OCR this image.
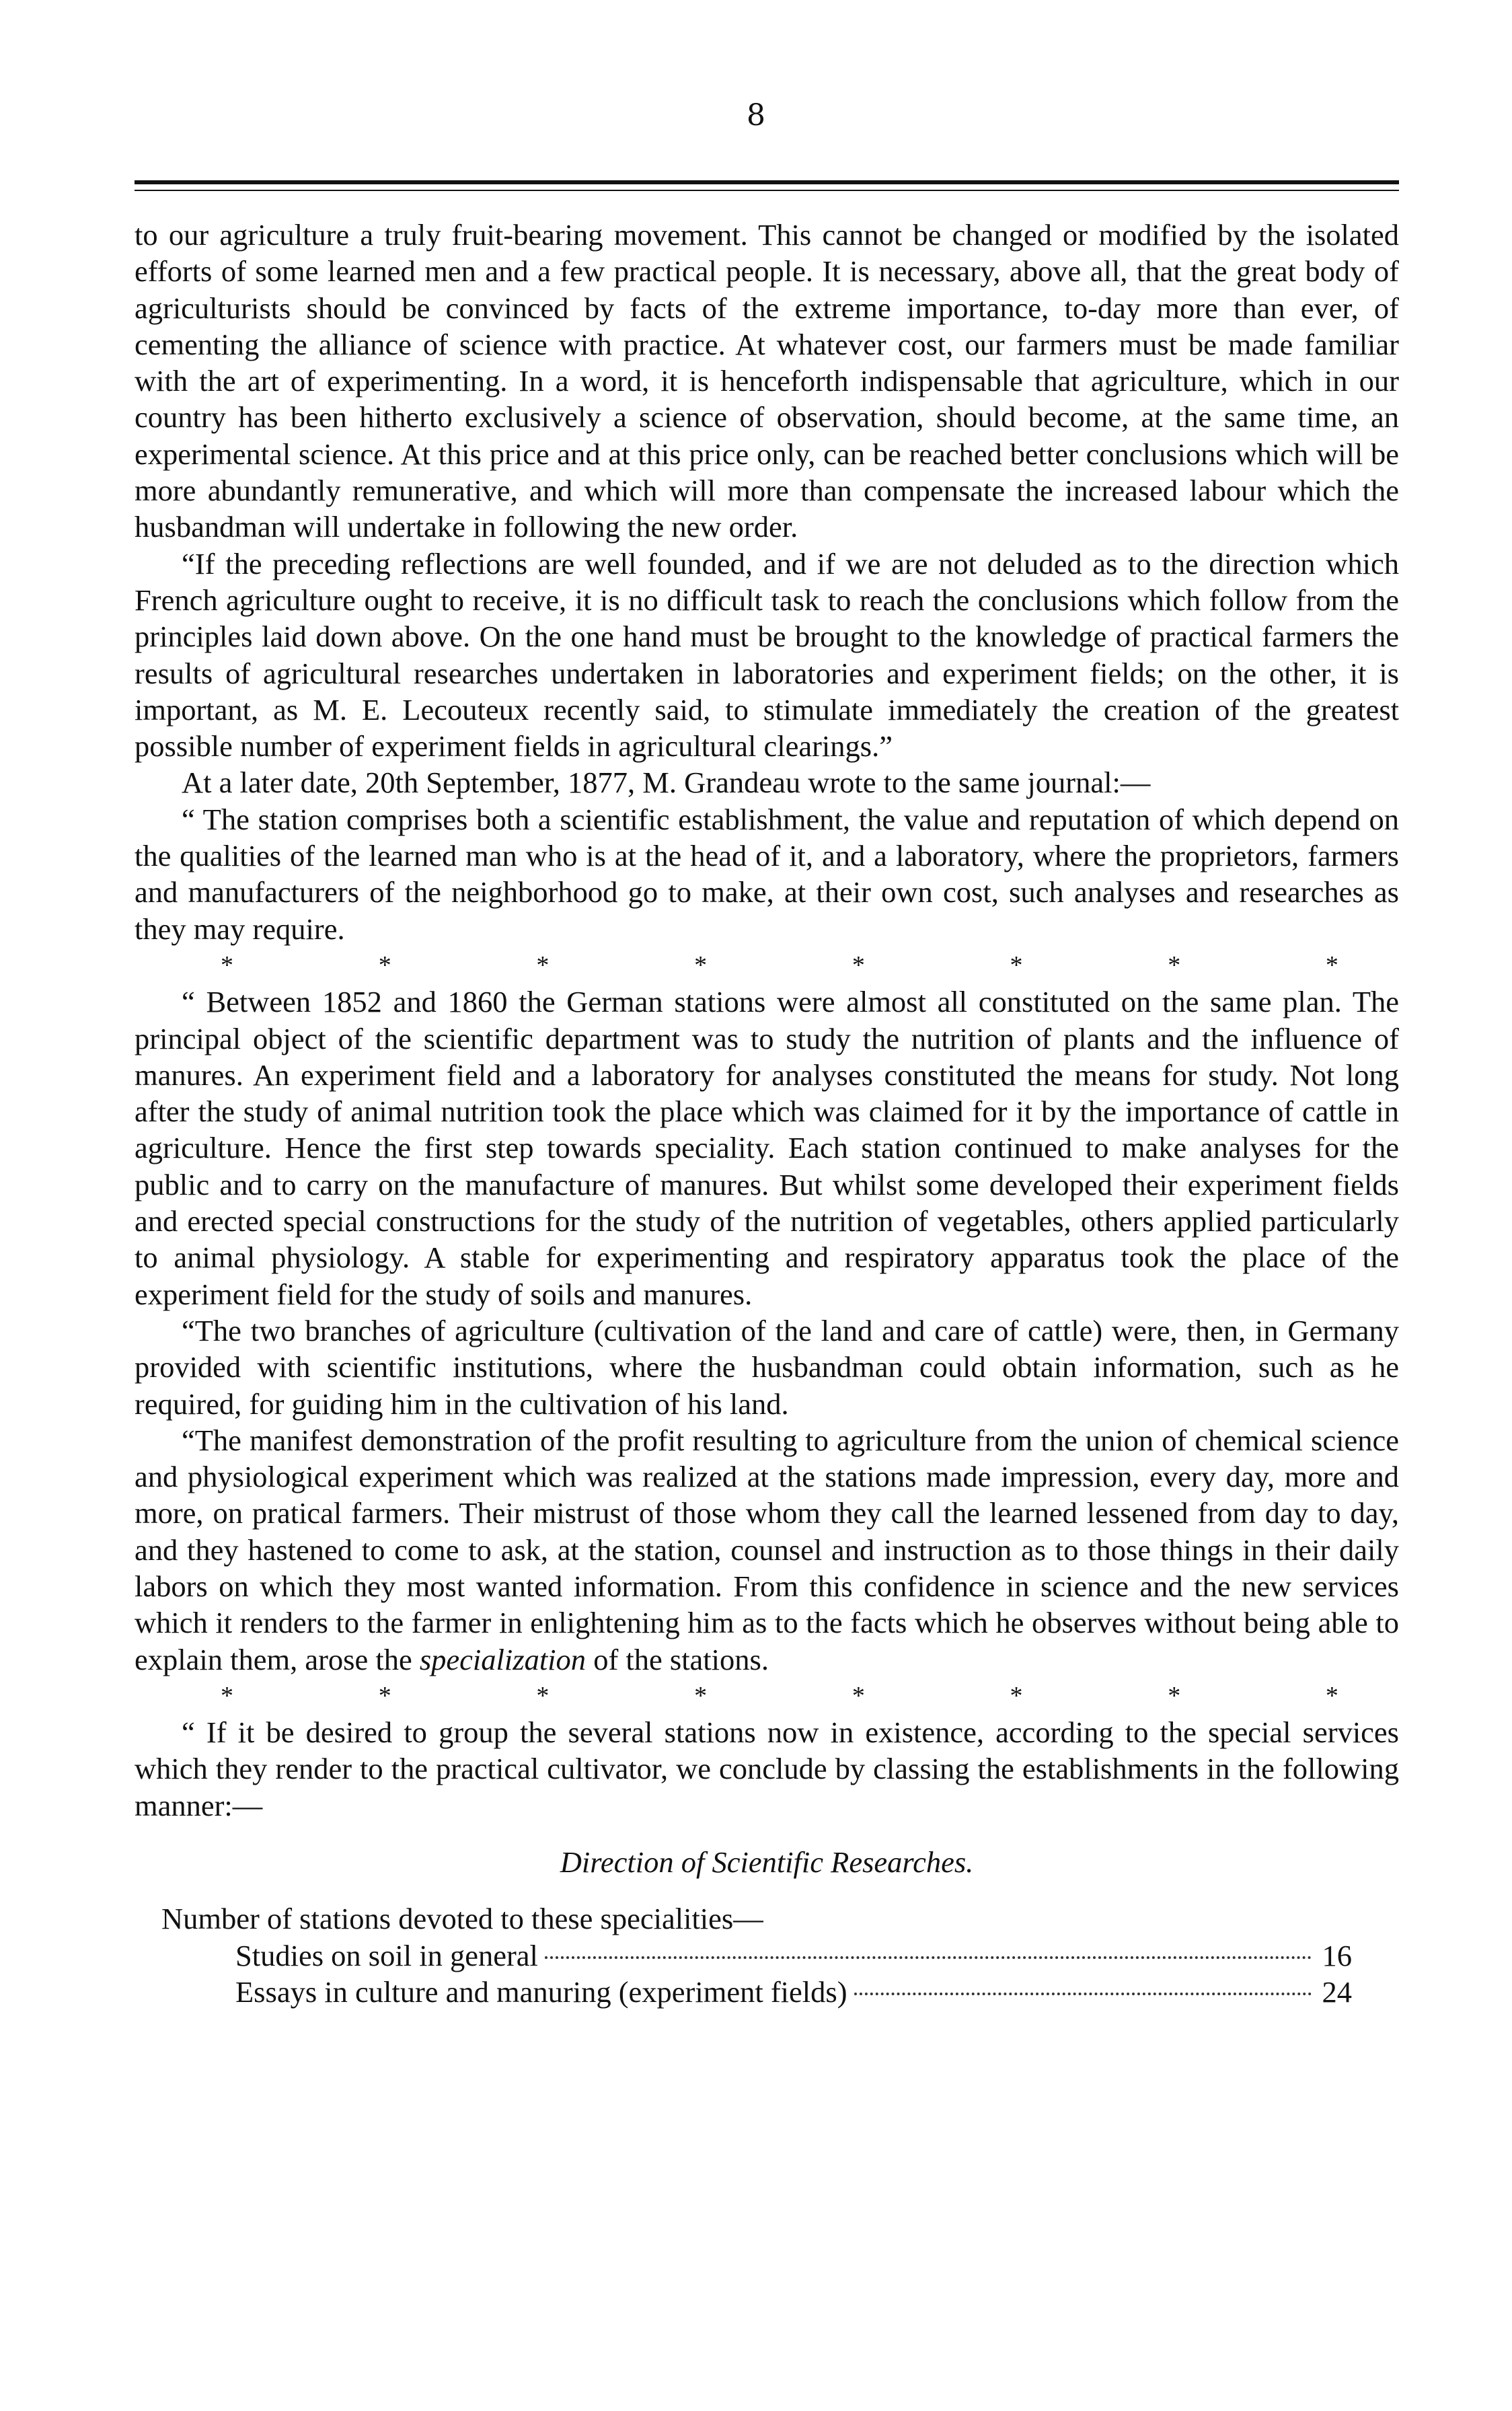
8

to our agriculture a truly fruit-bearing movement. This cannot be changed or modified by the isolated efforts of some learned men and a few practical people. It is necessary, above all, that the great body of agriculturists should be convinced by facts of the extreme importance, to-day more than ever, of cementing the alliance of science with practice. At whatever cost, our farmers must be made familiar with the art of experimenting. In a word, it is henceforth indispensable that agriculture, which in our country has been hitherto exclusively a science of observation, should become, at the same time, an experimental science. At this price and at this price only, can be reached better conclusions which will be more abundantly remunerative, and which will more than compensate the increased labour which the husbandman will undertake in following the new order.

“If the preceding reflections are well founded, and if we are not deluded as to the direction which French agriculture ought to receive, it is no difficult task to reach the conclusions which follow from the principles laid down above. On the one hand must be brought to the knowledge of practical farmers the results of agricultural researches undertaken in laboratories and experiment fields; on the other, it is important, as M. E. Lecouteux recently said, to stimulate immediately the creation of the greatest possible number of experiment fields in agricultural clearings.”

At a later date, 20th September, 1877, M. Grandeau wrote to the same journal:—

“ The station comprises both a scientific establishment, the value and reputation of which depend on the qualities of the learned man who is at the head of it, and a laboratory, where the proprietors, farmers and manufacturers of the neighborhood go to make, at their own cost, such analyses and researches as they may require.

*	*	*	*	*	*	*	*

“ Between 1852 and 1860 the German stations were almost all constituted on the same plan. The principal object of the scientific department was to study the nutrition of plants and the influence of manures. An experiment field and a laboratory for analyses constituted the means for study. Not long after the study of animal nutrition took the place which was claimed for it by the importance of cattle in agriculture. Hence the first step towards speciality. Each station continued to make analyses for the public and to carry on the manufacture of manures. But whilst some developed their experiment fields and erected special constructions for the study of the nutrition of vegetables, others applied particularly to animal physiology. A stable for experimenting and respiratory apparatus took the place of the experiment field for the study of soils and manures.

“The two branches of agriculture (cultivation of the land and care of cattle) were, then, in Germany provided with scientific institutions, where the husbandman could obtain information, such as he required, for guiding him in the cultivation of his land.

“The manifest demonstration of the profit resulting to agriculture from the union of chemical science and physiological experiment which was realized at the stations made impression, every day, more and more, on pratical farmers. Their mistrust of those whom they call the learned lessened from day to day, and they hastened to come to ask, at the station, counsel and instruction as to those things in their daily labors on which they most wanted information. From this confidence in science and the new services which it renders to the farmer in enlightening him as to the facts which he observes without being able to explain them, arose the specialization of the stations.

*	*	*	*	*	*	*	*

“ If it be desired to group the several stations now in existence, according to the special services which they render to the practical cultivator, we conclude by classing the establishments in the following manner:—

Direction of Scientific Researches.

Number of stations devoted to these specialities—

Studies on soil in general	16
Essays in culture and manuring (experiment fields)	24
